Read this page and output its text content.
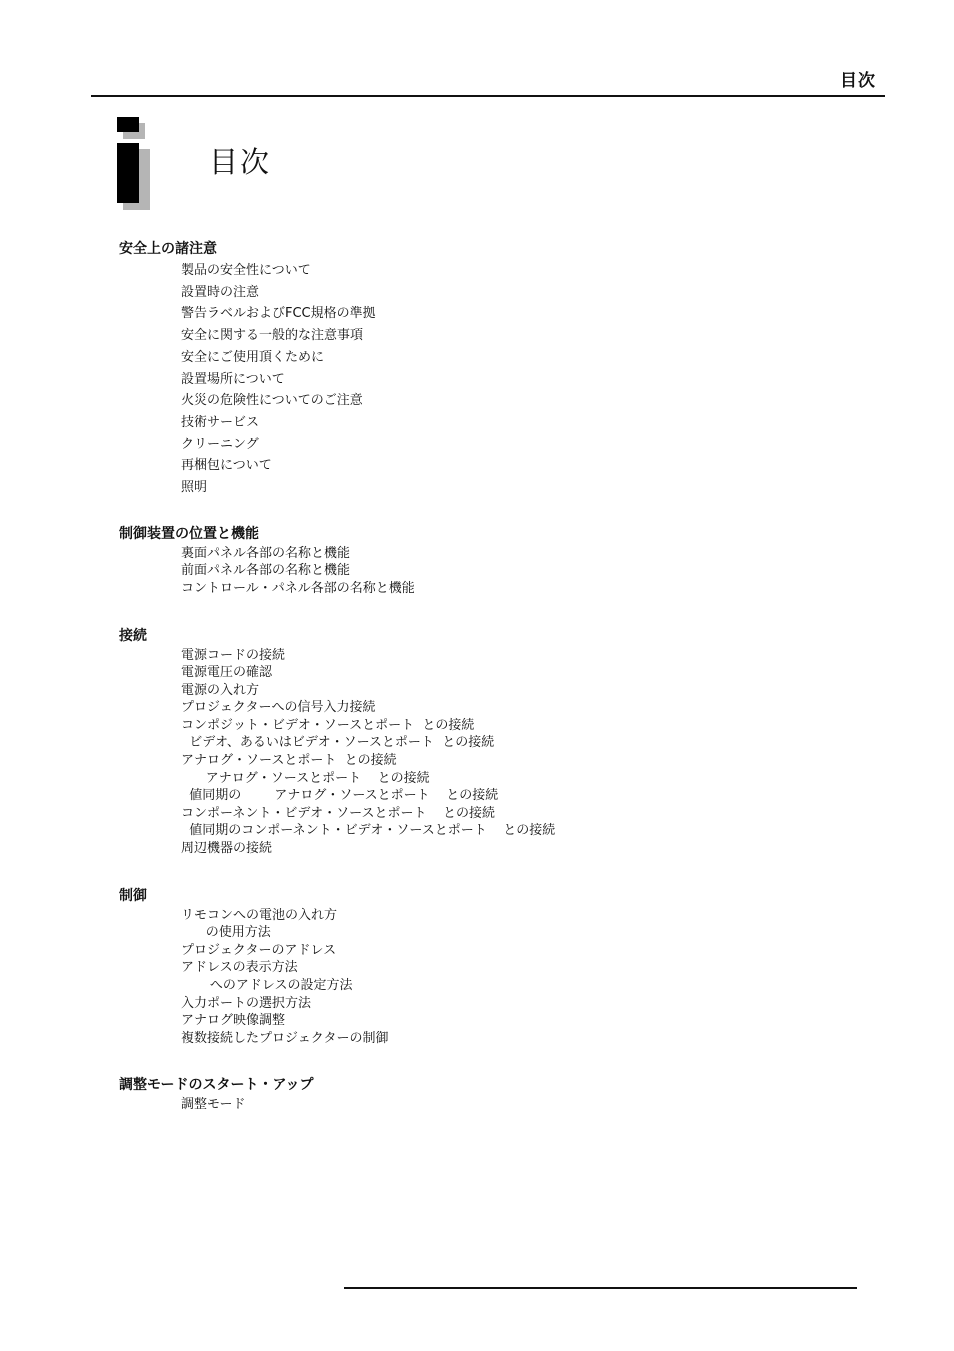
目次
目次
安全上の諸注意
製品の安全性について
設置時の注意
警告ラベルおよびFCC規格の準拠
安全に関する一般的な注意事項
安全にご使用頂くために
設置場所について
火災の危険性についてのご注意
技術サービス
クリーニング
再梱包について
照明
制御装置の位置と機能
裏面パネル各部の名称と機能
前面パネル各部の名称と機能
コントロール・パネル各部の名称と機能
接続
電源コードの接続
電源電圧の確認
電源の入れ方
プロジェクターへの信号入力接続
コンポジット・ビデオ・ソースとポート  との接続
ビデオ、あるいはビデオ・ソースとポート  との接続
アナログ・ソースとポート  との接続
アナログ・ソースとポート    との接続
値同期の        アナログ・ソースとポート    との接続
コンポーネント・ビデオ・ソースとポート    との接続
値同期のコンポーネント・ビデオ・ソースとポート    との接続
周辺機器の接続
制御
リモコンへの電池の入れ方
の使用方法
プロジェクターのアドレス
アドレスの表示方法
へのアドレスの設定方法
入力ポートの選択方法
アナログ映像調整
複数接続したプロジェクターの制御
調整モードのスタート・アップ
調整モード
